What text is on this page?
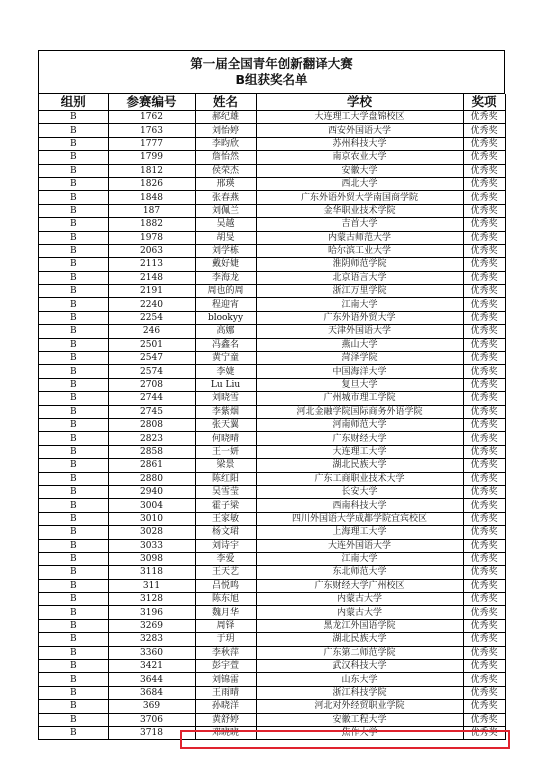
第一届全国青年创新翻译大赛
B组获奖名单
组别	参赛编号	姓名	学校	奖项
B	1762	郝纪雄	大连理工大学盘锦校区	优秀奖
B	1763	刘怡婷	西安外国语大学	优秀奖
B	1777	李昀欣	苏州科技大学	优秀奖
B	1799	詹怡然	南京农业大学	优秀奖
B	1812	侯荣杰	安徽大学	优秀奖
B	1826	邢瑛	西北大学	优秀奖
B	1848	张春燕	广东外语外贸大学南国商学院	优秀奖
B	187	刘佩兰	金华职业技术学院	优秀奖
B	1882	吴越	吉首大学	优秀奖
B	1978	胡旻	内蒙古师范大学	优秀奖
B	2063	刘学栋	哈尔滨工业大学	优秀奖
B	2113	戴好婕	淮阴师范学院	优秀奖
B	2148	李海龙	北京语言大学	优秀奖
B	2191	周也的周	浙江万里学院	优秀奖
B	2240	程迎宵	江南大学	优秀奖
B	2254	blookyy	广东外语外贸大学	优秀奖
B	246	高娜	天津外国语大学	优秀奖
B	2501	冯鑫名	燕山大学	优秀奖
B	2547	黄宁童	菏泽学院	优秀奖
B	2574	李婕	中国海洋大学	优秀奖
B	2708	Lu Liu	复旦大学	优秀奖
B	2744	刘晓雪	广州城市理工学院	优秀奖
B	2745	李紫烟	河北金融学院国际商务外语学院	优秀奖
B	2808	张天翼	河南师范大学	优秀奖
B	2823	何晓晴	广东财经大学	优秀奖
B	2858	王一妍	大连理工大学	优秀奖
B	2861	梁景	湖北民族大学	优秀奖
B	2880	陈红阳	广东工商职业技术大学	优秀奖
B	2940	吴雪莹	长安大学	优秀奖
B	3004	霍子梁	西南科技大学	优秀奖
B	3010	王家敏	四川外国语大学成都学院宜宾校区	优秀奖
B	3028	杨文珺	上海理工大学	优秀奖
B	3033	刘诗宇	大连外国语大学	优秀奖
B	3098	李爱	江南大学	优秀奖
B	3118	王天艺	东北师范大学	优秀奖
B	311	吕悦鸣	广东财经大学广州校区	优秀奖
B	3128	陈东旭	内蒙古大学	优秀奖
B	3196	魏月华	内蒙古大学	优秀奖
B	3269	周铎	黑龙江外国语学院	优秀奖
B	3283	于玥	湖北民族大学	优秀奖
B	3360	李秋萍	广东第二师范学院	优秀奖
B	3421	彭宇萱	武汉科技大学	优秀奖
B	3644	刘锦雷	山东大学	优秀奖
B	3684	王雨晴	浙江科技学院	优秀奖
B	369	孙晓洋	河北对外经贸职业学院	优秀奖
B	3706	黄舒婷	安徽工程大学	优秀奖
B	3718	邓晓晓	焦作大学	优秀奖
